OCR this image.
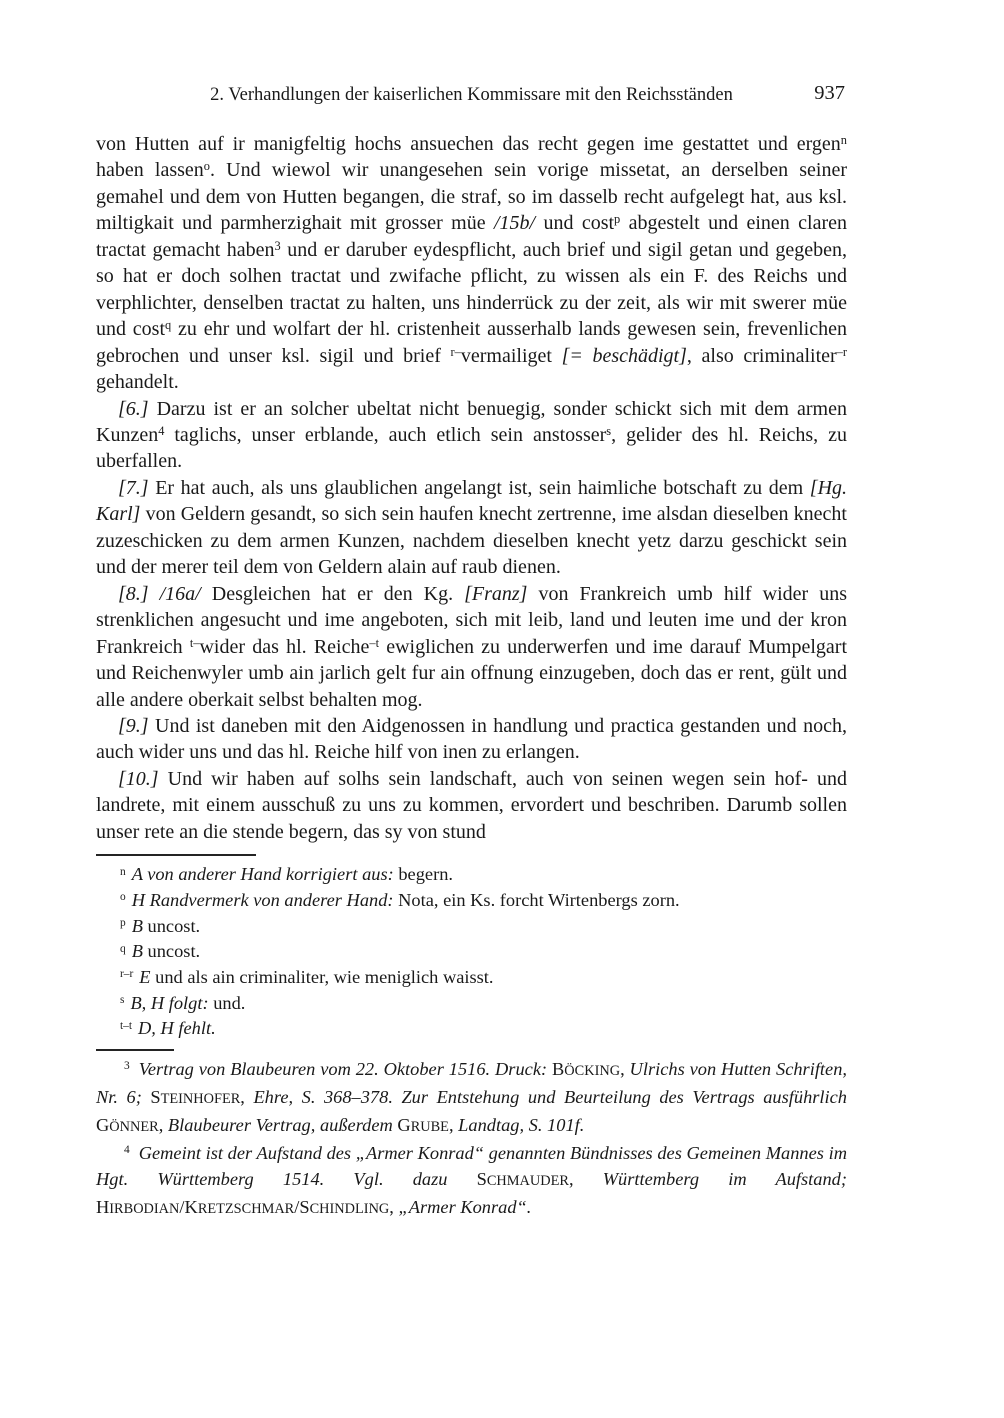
2. Verhandlungen der kaiserlichen Kommissare mit den Reichsständen	937
von Hutten auf ir manigfeltig hochs ansuechen das recht gegen ime gestattet und ergen$^n$ haben lassen$^o$. Und wiewol wir unangesehen sein vorige missetat, an derselben seiner gemahel und dem von Hutten begangen, die straf, so im dasselb recht aufgelegt hat, aus ksl. miltigkait und parmherzighait mit grosser müe /15b/ und cost$^p$ abgestelt und einen claren tractat gemacht haben$^3$ und er daruber eydespflicht, auch brief und sigil getan und gegeben, so hat er doch solhen tractat und zwifache pflicht, zu wissen als ein F. des Reichs und verphlichter, denselben tractat zu halten, uns hinderrück zu der zeit, als wir mit swerer müe und cost$^q$ zu ehr und wolfart der hl. cristenheit ausserhalb lands gewesen sein, frevenlichen gebrochen und unser ksl. sigil und brief $^{r-}$vermailiget [= beschädigt], also criminaliter$^{-r}$ gehandelt.
[6.] Darzu ist er an solcher ubeltat nicht benuegig, sonder schickt sich mit dem armen Kunzen$^4$ taglichs, unser erblande, auch etlich sein anstosser$^s$, gelider des hl. Reichs, zu uberfallen.
[7.] Er hat auch, als uns glaublichen angelangt ist, sein haimliche botschaft zu dem [Hg. Karl] von Geldern gesandt, so sich sein haufen knecht zertrenne, ime alsdan dieselben knecht zuzeschicken zu dem armen Kunzen, nachdem dieselben knecht yetz darzu geschickt sein und der merer teil dem von Geldern alain auf raub dienen.
[8.] /16a/ Desgleichen hat er den Kg. [Franz] von Frankreich umb hilf wider uns strenklichen angesucht und ime angeboten, sich mit leib, land und leuten ime und der kron Frankreich $^{t-}$wider das hl. Reiche$^{-t}$ ewiglichen zu underwerfen und ime darauf Mumpelgart und Reichenwyler umb ain jarlich gelt fur ain offnung einzugeben, doch das er rent, gült und alle andere oberkait selbst behalten mog.
[9.] Und ist daneben mit den Aidgenossen in handlung und practica gestanden und noch, auch wider uns und das hl. Reiche hilf von inen zu erlangen.
[10.] Und wir haben auf solhs sein landschaft, auch von seinen wegen sein hof- und landrete, mit einem ausschuß zu uns zu kommen, ervordert und beschriben. Darumb sollen unser rete an die stende begern, das sy von stund
$^n$ A von anderer Hand korrigiert aus: begern.
$^o$ H Randvermerk von anderer Hand: Nota, ein Ks. forcht Wirtenbergs zorn.
$^p$ B uncost.
$^q$ B uncost.
$^{r-r}$ E und als ain criminaliter, wie meniglich waisst.
$^s$ B, H folgt: und.
$^{t-t}$ D, H fehlt.
$^3$ Vertrag von Blaubeuren vom 22. Oktober 1516. Druck: BÖCKING, Ulrichs von Hutten Schriften, Nr. 6; STEINHOFER, Ehre, S. 368–378. Zur Entstehung und Beurteilung des Vertrags ausführlich GÖNNER, Blaubeurer Vertrag, außerdem GRUBE, Landtag, S. 101f.
$^4$ Gemeint ist der Aufstand des „Armer Konrad“ genannten Bündnisses des Gemeinen Mannes im Hgt. Württemberg 1514. Vgl. dazu SCHMAUDER, Württemberg im Aufstand; HIRBODIAN/KRETZSCHMAR/SCHINDLING, „Armer Konrad“.
